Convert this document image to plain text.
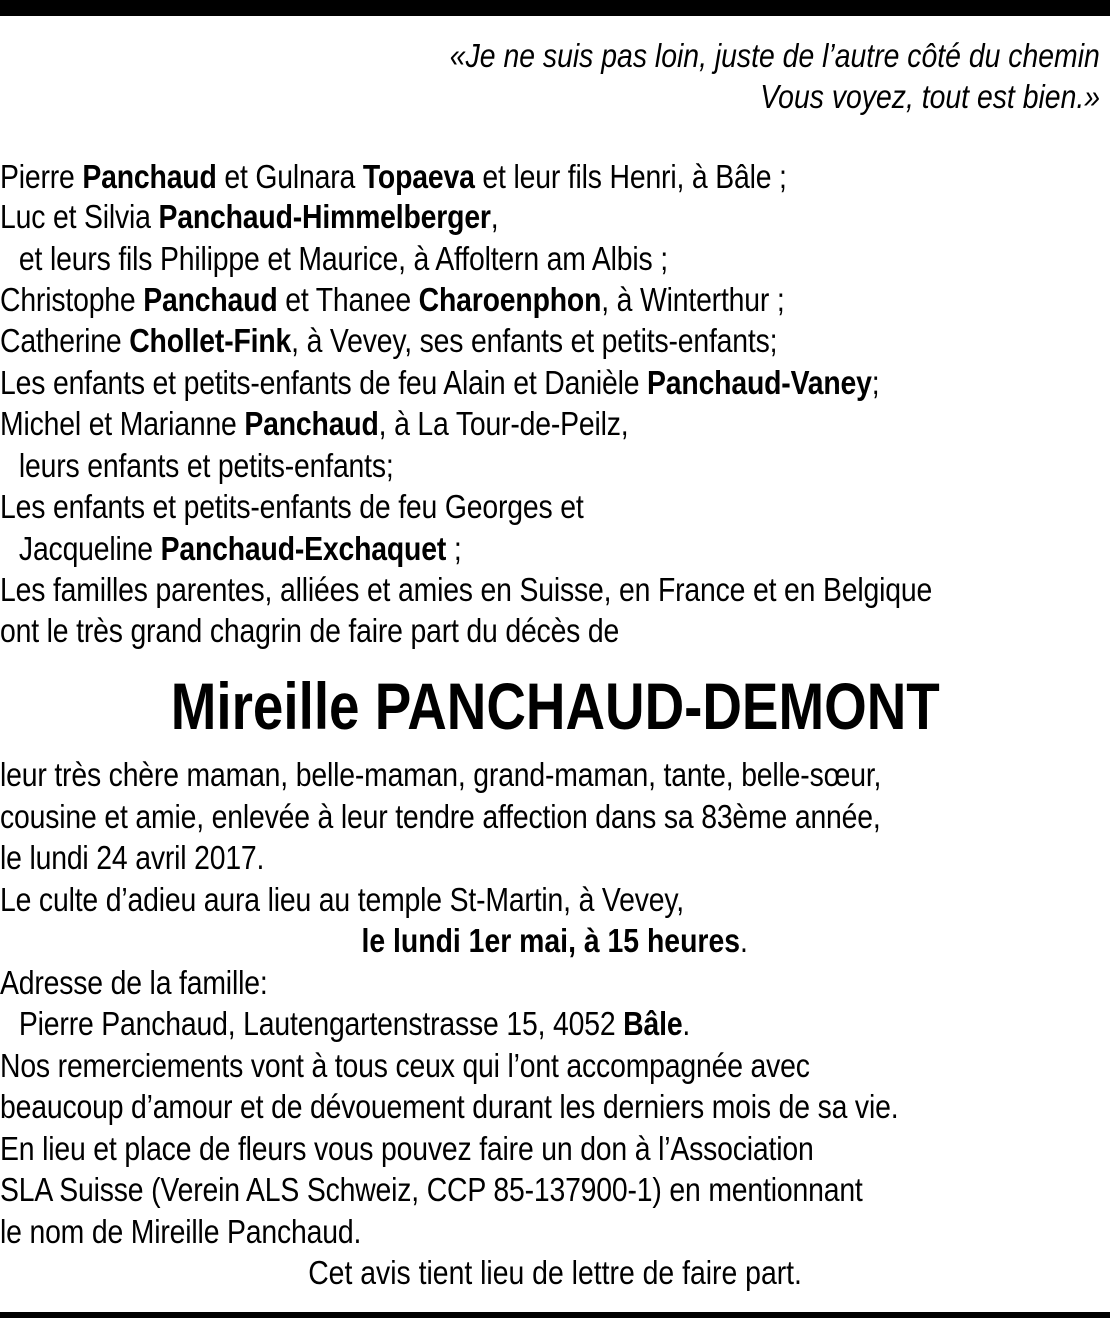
«Je ne suis pas loin, juste de l’autre côté du chemin
Vous voyez, tout est bien.»
Pierre Panchaud et Gulnara Topaeva et leur fils Henri, à Bâle ;
Luc et Silvia Panchaud-Himmelberger,
et leurs fils Philippe et Maurice, à Affoltern am Albis ;
Christophe Panchaud et Thanee Charoenphon, à Winterthur ;
Catherine Chollet-Fink, à Vevey, ses enfants et petits-enfants;
Les enfants et petits-enfants de feu Alain et Danièle Panchaud-Vaney;
Michel et Marianne Panchaud, à La Tour-de-Peilz,
leurs enfants et petits-enfants;
Les enfants et petits-enfants de feu Georges et
Jacqueline Panchaud-Exchaquet ;
Les familles parentes, alliées et amies en Suisse, en France et en Belgique
ont le très grand chagrin de faire part du décès de
Mireille PANCHAUD-DEMONT
leur très chère maman, belle-maman, grand-maman, tante, belle-sœur,
cousine et amie, enlevée à leur tendre affection dans sa 83ème année,
le lundi 24 avril 2017.
Le culte d’adieu aura lieu au temple St-Martin, à Vevey,
le lundi 1er mai, à 15 heures.
Adresse de la famille:
Pierre Panchaud, Lautengartenstrasse 15, 4052 Bâle.
Nos remerciements vont à tous ceux qui l’ont accompagnée avec
beaucoup d’amour et de dévouement durant les derniers mois de sa vie.
En lieu et place de fleurs vous pouvez faire un don à l’Association
SLA Suisse (Verein ALS Schweiz, CCP 85-137900-1) en mentionnant
le nom de Mireille Panchaud.
Cet avis tient lieu de lettre de faire part.
